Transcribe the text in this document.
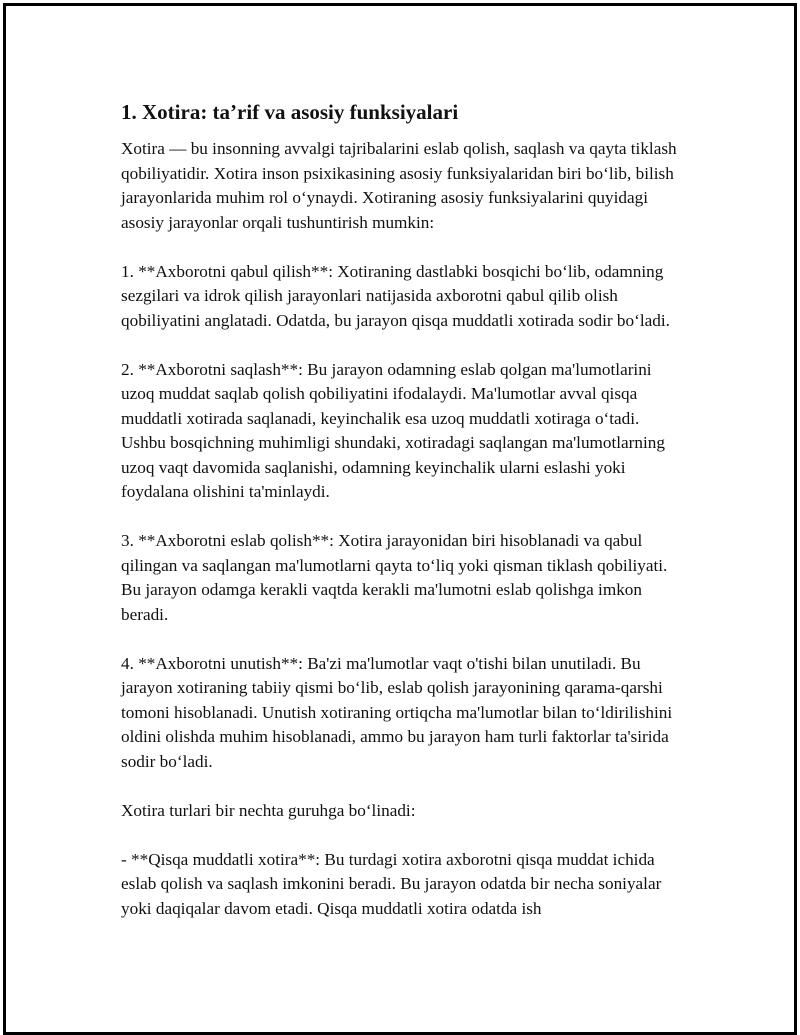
1. Xotira: ta’rif va asosiy funksiyalari

Xotira — bu insonning avvalgi tajribalarini eslab qolish, saqlash va qayta tiklash qobiliyatidir. Xotira inson psixikasining asosiy funksiyalaridan biri bo‘lib, bilish jarayonlarida muhim rol o‘ynaydi. Xotiraning asosiy funksiyalarini quyidagi asosiy jarayonlar orqali tushuntirish mumkin:

1. **Axborotni qabul qilish**: Xotiraning dastlabki bosqichi bo‘lib, odamning sezgilari va idrok qilish jarayonlari natijasida axborotni qabul qilib olish qobiliyatini anglatadi. Odatda, bu jarayon qisqa muddatli xotirada sodir bo‘ladi.

2. **Axborotni saqlash**: Bu jarayon odamning eslab qolgan ma'lumotlarini uzoq muddat saqlab qolish qobiliyatini ifodalaydi. Ma'lumotlar avval qisqa muddatli xotirada saqlanadi, keyinchalik esa uzoq muddatli xotiraga o‘tadi. Ushbu bosqichning muhimligi shundaki, xotiradagi saqlangan ma'lumotlarning uzoq vaqt davomida saqlanishi, odamning keyinchalik ularni eslashi yoki foydalana olishini ta'minlaydi.

3. **Axborotni eslab qolish**: Xotira jarayonidan biri hisoblanadi va qabul qilingan va saqlangan ma'lumotlarni qayta to‘liq yoki qisman tiklash qobiliyati. Bu jarayon odamga kerakli vaqtda kerakli ma'lumotni eslab qolishga imkon beradi.

4. **Axborotni unutish**: Ba'zi ma'lumotlar vaqt o'tishi bilan unutiladi. Bu jarayon xotiraning tabiiy qismi bo‘lib, eslab qolish jarayonining qarama-qarshi tomoni hisoblanadi. Unutish xotiraning ortiqcha ma'lumotlar bilan to‘ldirilishini oldini olishda muhim hisoblanadi, ammo bu jarayon ham turli faktorlar ta'sirida sodir bo‘ladi.

Xotira turlari bir nechta guruhga bo‘linadi:

- **Qisqa muddatli xotira**: Bu turdagi xotira axborotni qisqa muddat ichida eslab qolish va saqlash imkonini beradi. Bu jarayon odatda bir necha soniyalar yoki daqiqalar davom etadi. Qisqa muddatli xotira odatda ish
